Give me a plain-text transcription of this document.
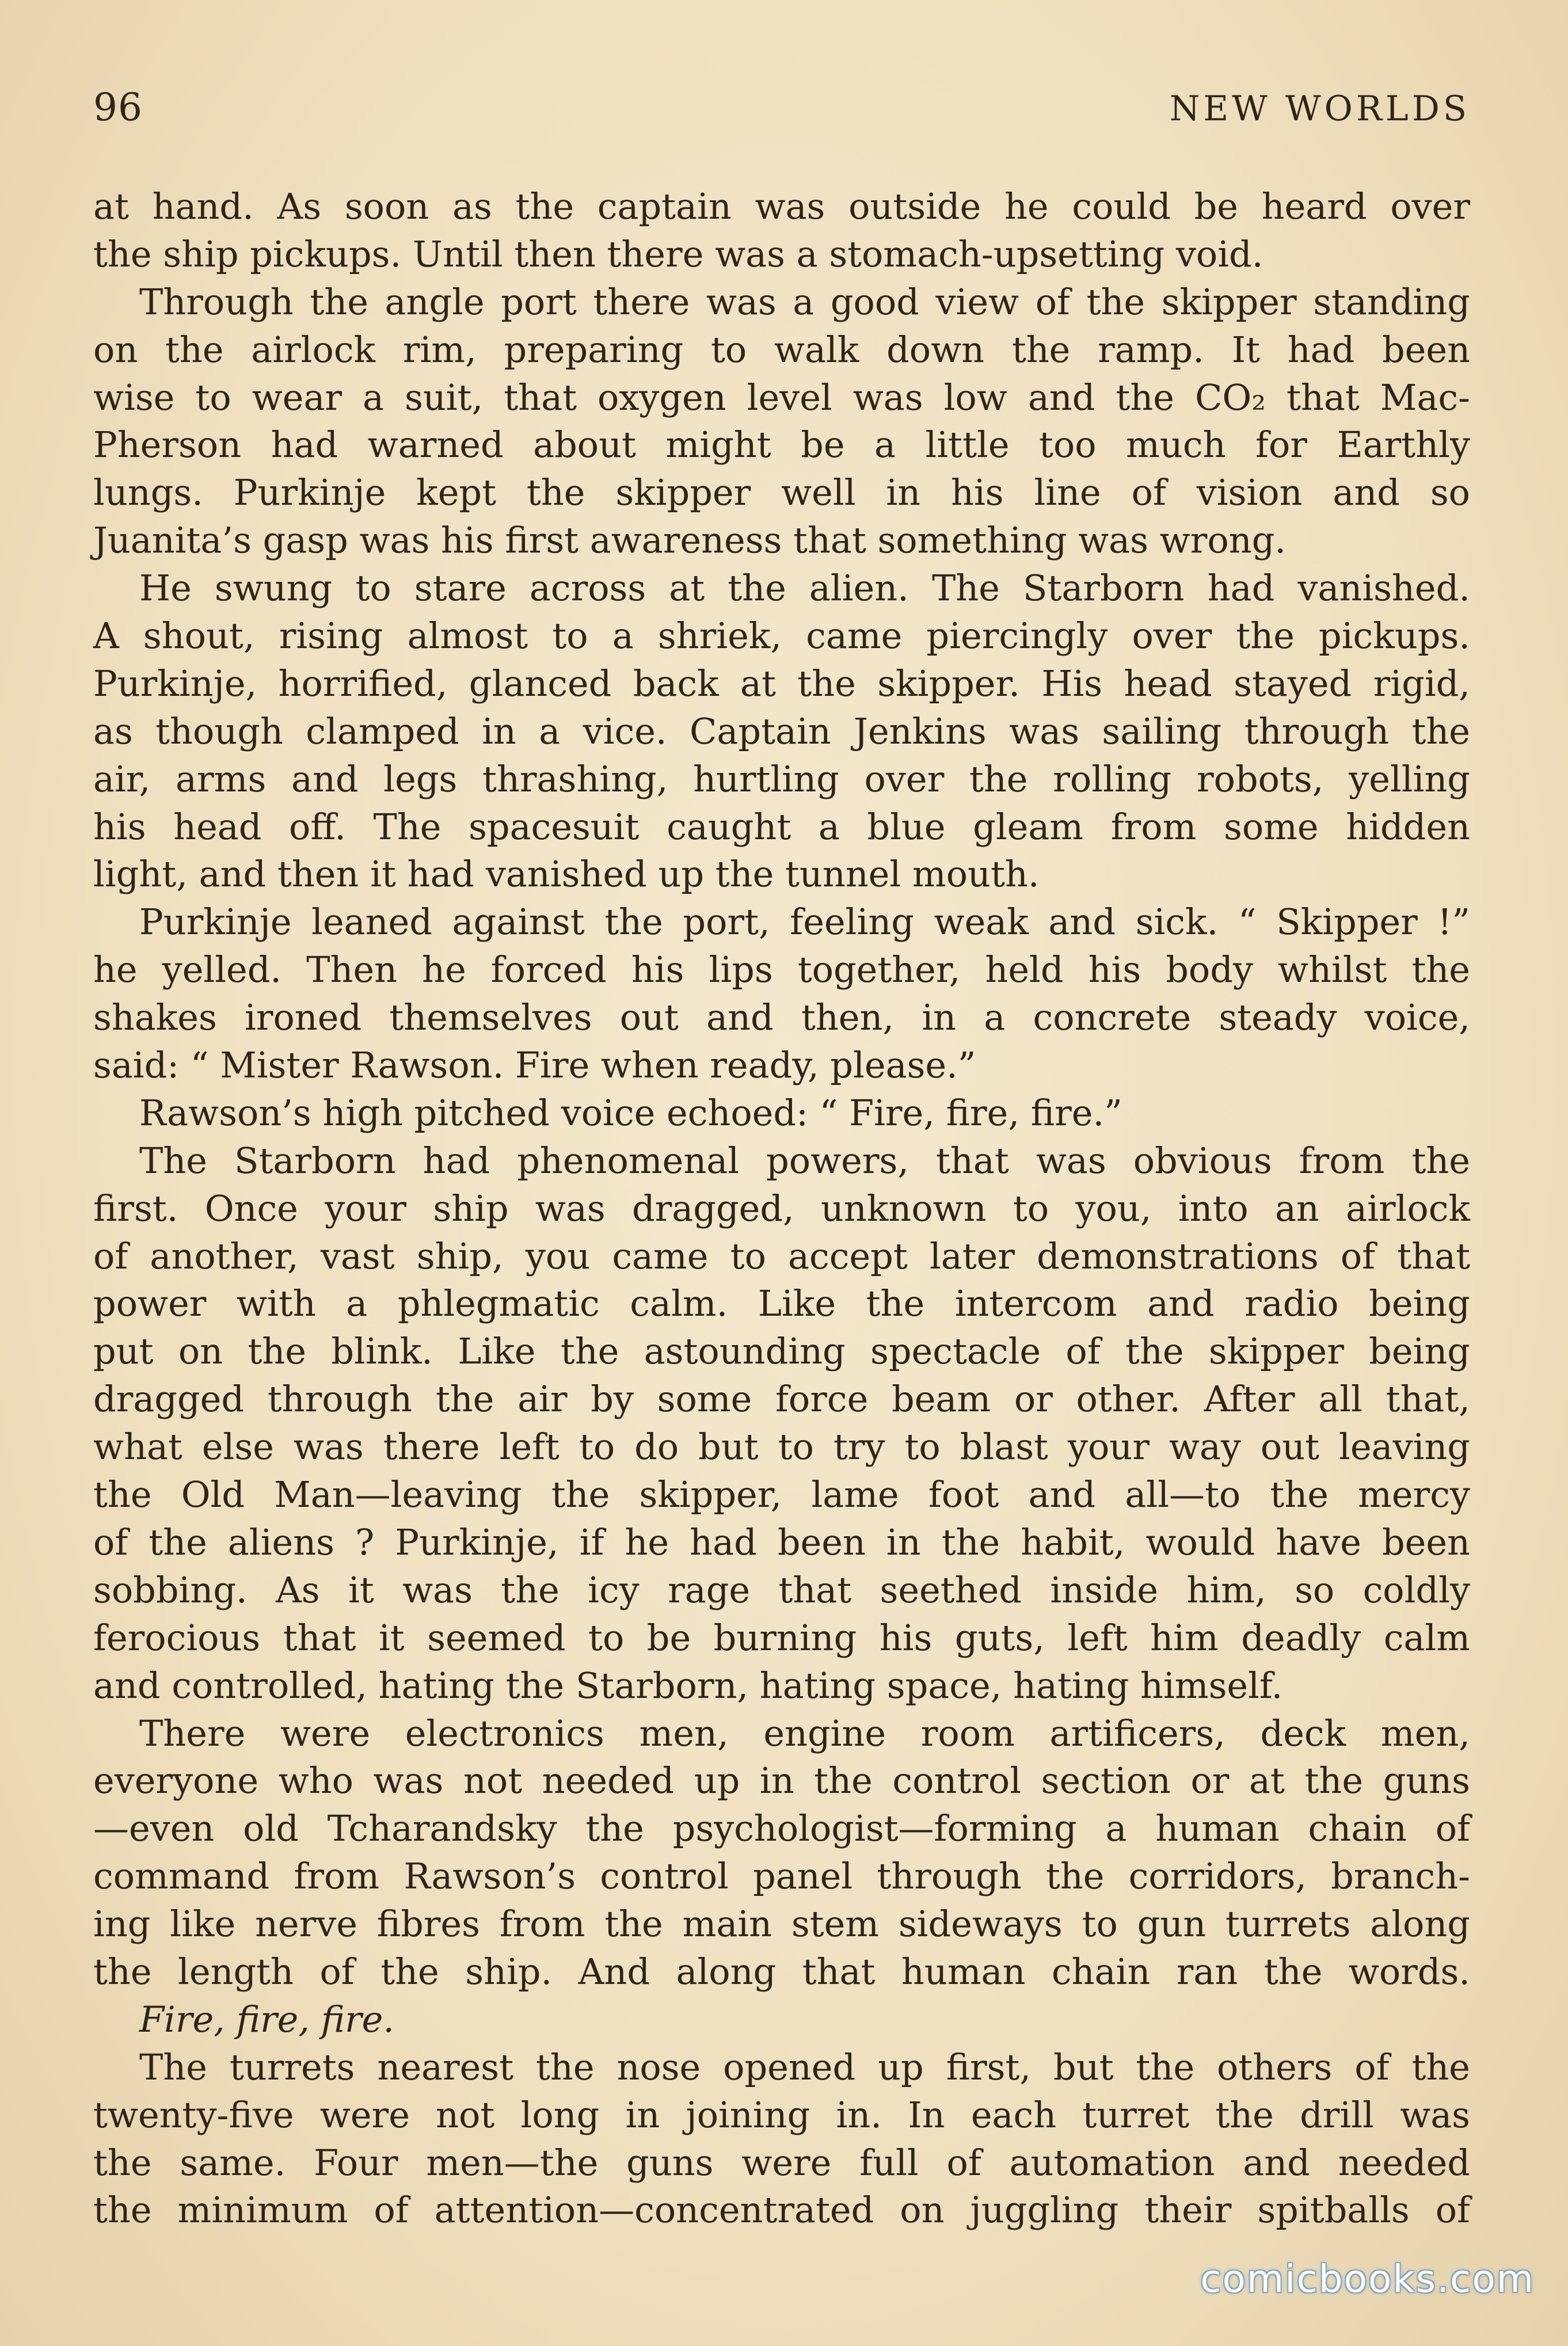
96	NEW WORLDS
at hand. As soon as the captain was outside he could be heard over
the ship pickups. Until then there was a stomach-upsetting void.
Through the angle port there was a good view of the skipper standing
on the airlock rim, preparing to walk down the ramp. It had been
wise to wear a suit, that oxygen level was low and the CO₂ that Mac-
Pherson had warned about might be a little too much for Earthly
lungs. Purkinje kept the skipper well in his line of vision and so
Juanita’s gasp was his first awareness that something was wrong.
He swung to stare across at the alien. The Starborn had vanished.
A shout, rising almost to a shriek, came piercingly over the pickups.
Purkinje, horrified, glanced back at the skipper. His head stayed rigid,
as though clamped in a vice. Captain Jenkins was sailing through the
air, arms and legs thrashing, hurtling over the rolling robots, yelling
his head off. The spacesuit caught a blue gleam from some hidden
light, and then it had vanished up the tunnel mouth.
Purkinje leaned against the port, feeling weak and sick. “ Skipper !”
he yelled. Then he forced his lips together, held his body whilst the
shakes ironed themselves out and then, in a concrete steady voice,
said: “ Mister Rawson. Fire when ready, please.”
Rawson’s high pitched voice echoed: “ Fire, fire, fire.”
The Starborn had phenomenal powers, that was obvious from the
first. Once your ship was dragged, unknown to you, into an airlock
of another, vast ship, you came to accept later demonstrations of that
power with a phlegmatic calm. Like the intercom and radio being
put on the blink. Like the astounding spectacle of the skipper being
dragged through the air by some force beam or other. After all that,
what else was there left to do but to try to blast your way out leaving
the Old Man—leaving the skipper, lame foot and all—to the mercy
of the aliens ? Purkinje, if he had been in the habit, would have been
sobbing. As it was the icy rage that seethed inside him, so coldly
ferocious that it seemed to be burning his guts, left him deadly calm
and controlled, hating the Starborn, hating space, hating himself.
There were electronics men, engine room artificers, deck men,
everyone who was not needed up in the control section or at the guns
—even old Tcharandsky the psychologist—forming a human chain of
command from Rawson’s control panel through the corridors, branch-
ing like nerve fibres from the main stem sideways to gun turrets along
the length of the ship. And along that human chain ran the words.
Fire, fire, fire.
The turrets nearest the nose opened up first, but the others of the
twenty-five were not long in joining in. In each turret the drill was
the same. Four men—the guns were full of automation and needed
the minimum of attention—concentrated on juggling their spitballs of
comicbooks.com
